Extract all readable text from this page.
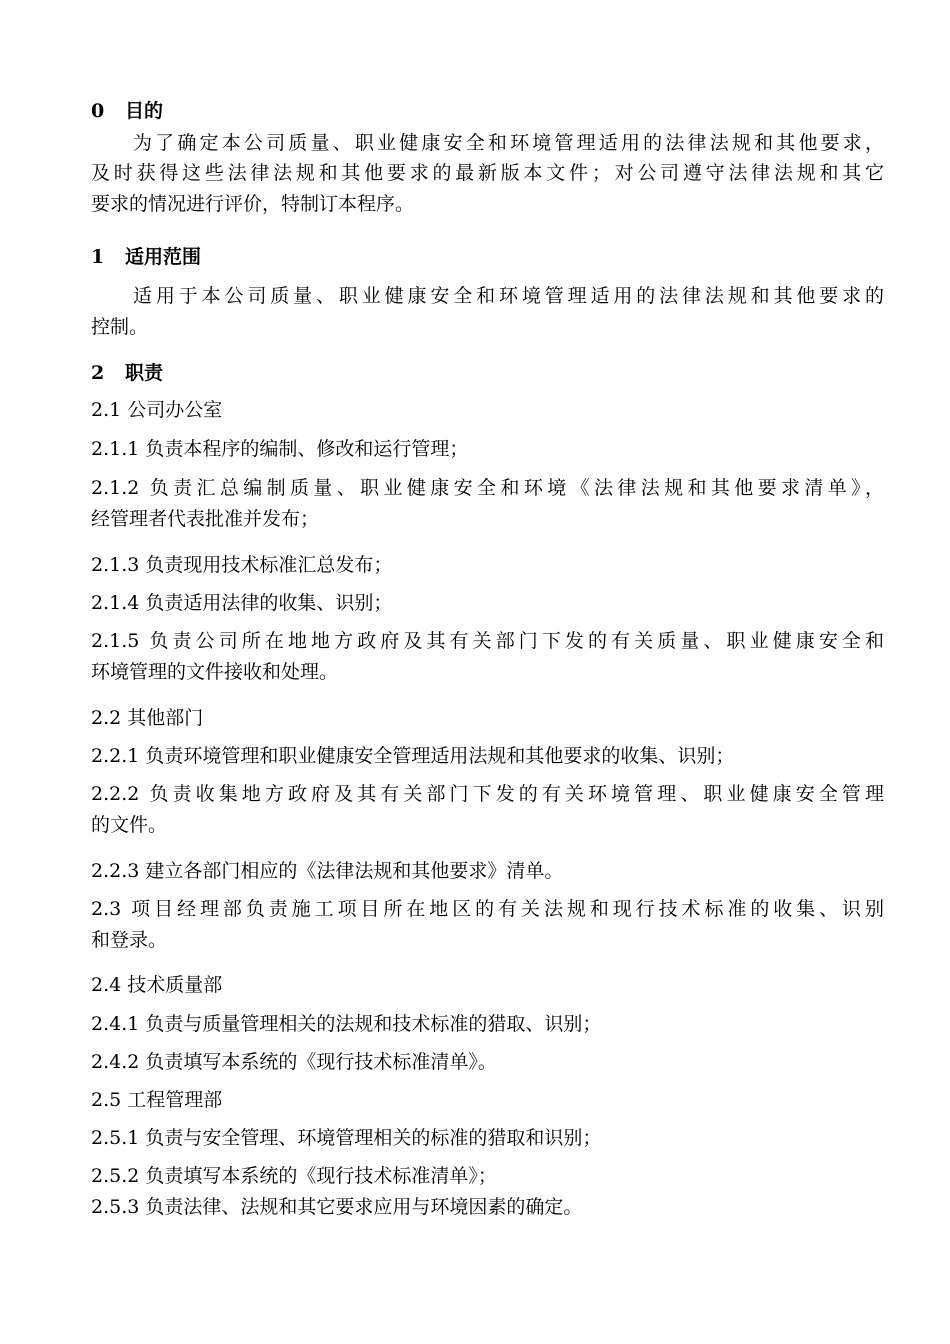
0 目的

为了确定本公司质量、职业健康安全和环境管理适用的法律法规和其他要求，

及时获得这些法律法规和其他要求的最新版本文件；对公司遵守法律法规和其它

要求的情况进行评价，特制订本程序。

1 适用范围

适用于本公司质量、职业健康安全和环境管理适用的法律法规和其他要求的

控制。

2 职责

2.1 公司办公室

2.1.1 负责本程序的编制、修改和运行管理；

2.1.2 负责汇总编制质量、职业健康安全和环境《法律法规和其他要求清单》，

经管理者代表批准并发布；

2.1.3 负责现用技术标准汇总发布；

2.1.4 负责适用法律的收集、识别；

2.1.5 负责公司所在地地方政府及其有关部门下发的有关质量、职业健康安全和

环境管理的文件接收和处理。

2.2 其他部门

2.2.1 负责环境管理和职业健康安全管理适用法规和其他要求的收集、识别；

2.2.2 负责收集地方政府及其有关部门下发的有关环境管理、职业健康安全管理

的文件。

2.2.3 建立各部门相应的《法律法规和其他要求》清单。

2.3 项目经理部负责施工项目所在地区的有关法规和现行技术标准的收集、识别

和登录。

2.4 技术质量部

2.4.1 负责与质量管理相关的法规和技术标准的猎取、识别；

2.4.2 负责填写本系统的《现行技术标准清单》。

2.5 工程管理部

2.5.1 负责与安全管理、环境管理相关的标准的猎取和识别；

2.5.2 负责填写本系统的《现行技术标准清单》；

2.5.3 负责法律、法规和其它要求应用与环境因素的确定。
